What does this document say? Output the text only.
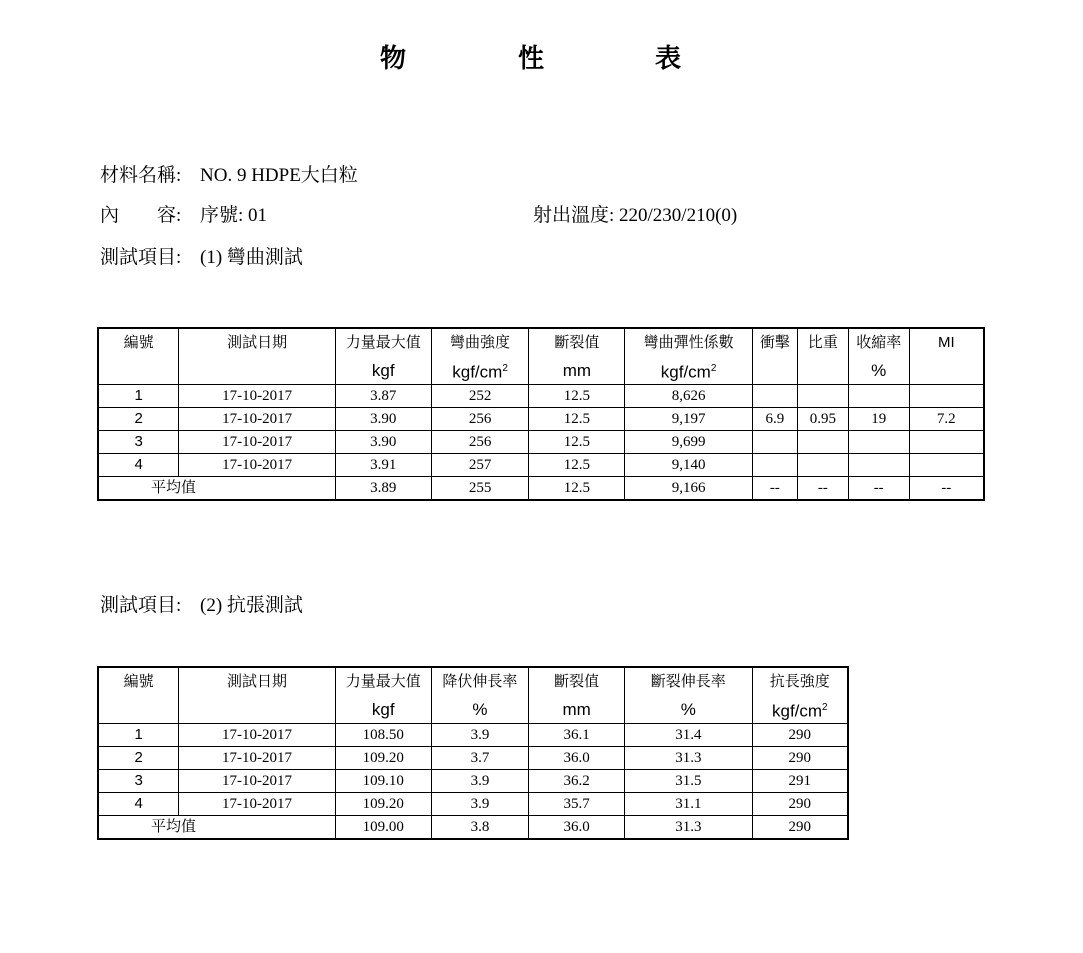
物	性	表
材料名稱: NO. 9 HDPE大白粒
內　　容: 序號: 01	射出溫度: 220/230/210(0)
測試項目: (1) 彎曲測試
編號	測試日期	力量最大值	彎曲強度	斷裂值	彎曲彈性係數	衝擊	比重	收縮率	MI
		kgf	kgf/$cm^2$	mm	kgf/$cm^2$			%	
1	17-10-2017	3.87	252	12.5	8,626				
2	17-10-2017	3.90	256	12.5	9,197	6.9	0.95	19	7.2
3	17-10-2017	3.90	256	12.5	9,699				
4	17-10-2017	3.91	257	12.5	9,140				
平均值		3.89	255	12.5	9,166	--	--	--	--
測試項目: (2) 抗張測試
編號	測試日期	力量最大值	降伏伸長率	斷裂值	斷裂伸長率	抗長強度
		kgf	%	mm	%	kgf/$cm^2$
1	17-10-2017	108.50	3.9	36.1	31.4	290
2	17-10-2017	109.20	3.7	36.0	31.3	290
3	17-10-2017	109.10	3.9	36.2	31.5	291
4	17-10-2017	109.20	3.9	35.7	31.1	290
平均值		109.00	3.8	36.0	31.3	290
